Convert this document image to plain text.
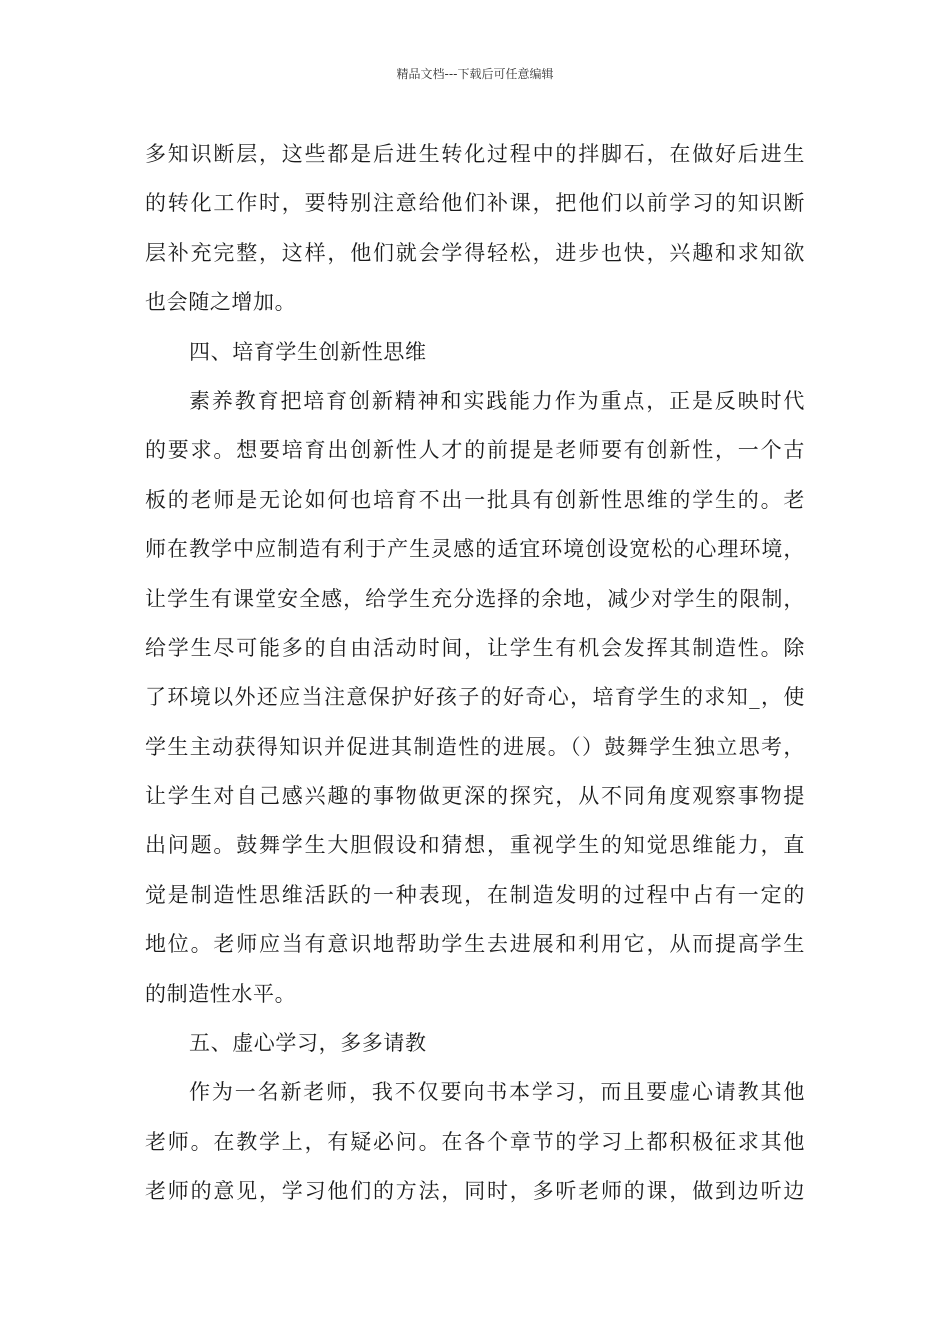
精品文档---下载后可任意编辑
多知识断层，这些都是后进生转化过程中的拌脚石，在做好后进生
的转化工作时，要特别注意给他们补课，把他们以前学习的知识断
层补充完整，这样，他们就会学得轻松，进步也快，兴趣和求知欲
也会随之增加。
四、培育学生创新性思维
素养教育把培育创新精神和实践能力作为重点，正是反映时代
的要求。想要培育出创新性人才的前提是老师要有创新性，一个古
板的老师是无论如何也培育不出一批具有创新性思维的学生的。老
师在教学中应制造有利于产生灵感的适宜环境创设宽松的心理环境，
让学生有课堂安全感，给学生充分选择的余地，减少对学生的限制，
给学生尽可能多的自由活动时间，让学生有机会发挥其制造性。除
了环境以外还应当注意保护好孩子的好奇心，培育学生的求知_，使
学生主动获得知识并促进其制造性的进展。（）鼓舞学生独立思考，
让学生对自己感兴趣的事物做更深的探究，从不同角度观察事物提
出问题。鼓舞学生大胆假设和猜想，重视学生的知觉思维能力，直
觉是制造性思维活跃的一种表现，在制造发明的过程中占有一定的
地位。老师应当有意识地帮助学生去进展和利用它，从而提高学生
的制造性水平。
五、虚心学习，多多请教
作为一名新老师，我不仅要向书本学习，而且要虚心请教其他
老师。在教学上，有疑必问。在各个章节的学习上都积极征求其他
老师的意见，学习他们的方法，同时，多听老师的课，做到边听边
